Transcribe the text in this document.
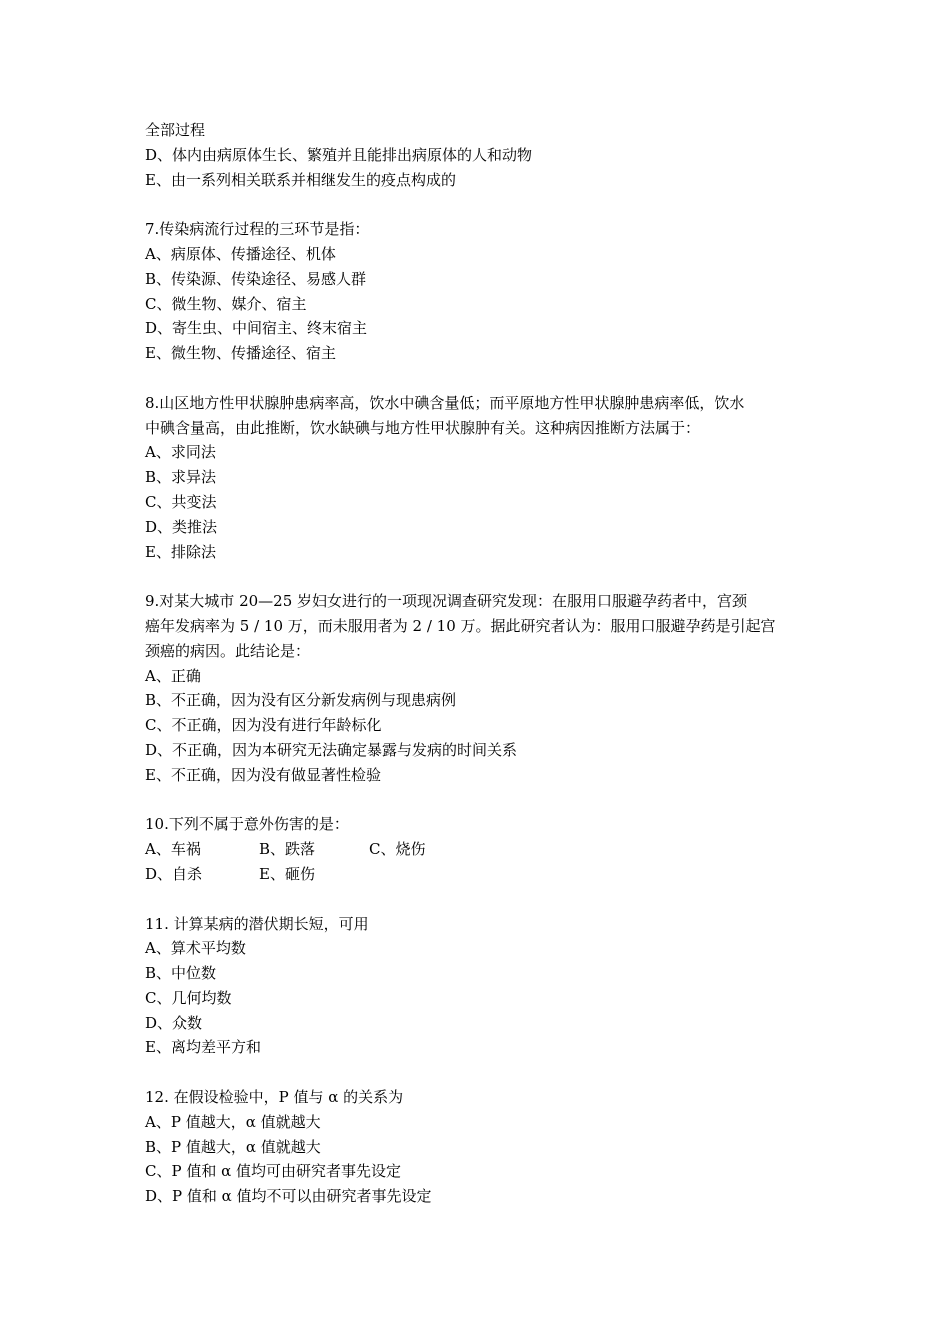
全部过程
D、体内由病原体生长、繁殖并且能排出病原体的人和动物
E、由一系列相关联系并相继发生的疫点构成的
7.传染病流行过程的三环节是指：
A、病原体、传播途径、机体
B、传染源、传染途径、易感人群
C、微生物、媒介、宿主
D、寄生虫、中间宿主、终末宿主
E、微生物、传播途径、宿主
8.山区地方性甲状腺肿患病率高，饮水中碘含量低；而平原地方性甲状腺肿患病率低，饮水
中碘含量高，由此推断，饮水缺碘与地方性甲状腺肿有关。这种病因推断方法属于：
A、求同法
B、求异法
C、共变法
D、类推法
E、排除法
9.对某大城市 20—25 岁妇女进行的一项现况调查研究发现：在服用口服避孕药者中，宫颈
癌年发病率为 5 / 10 万，而未服用者为 2 / 10 万。据此研究者认为：服用口服避孕药是引起宫
颈癌的病因。此结论是：
A、正确
B、不正确，因为没有区分新发病例与现患病例
C、不正确，因为没有进行年龄标化
D、不正确，因为本研究无法确定暴露与发病的时间关系
E、不正确，因为没有做显著性检验
10.下列不属于意外伤害的是：
A、车祸	B、跌落	C、烧伤
D、自杀	E、砸伤
11. 计算某病的潜伏期长短，可用
A、算术平均数
B、中位数
C、几何均数
D、众数
E、离均差平方和
12. 在假设检验中，P 值与 α 的关系为
A、P 值越大，α 值就越大
B、P 值越大，α 值就越大
C、P 值和 α 值均可由研究者事先设定
D、P 值和 α 值均不可以由研究者事先设定
